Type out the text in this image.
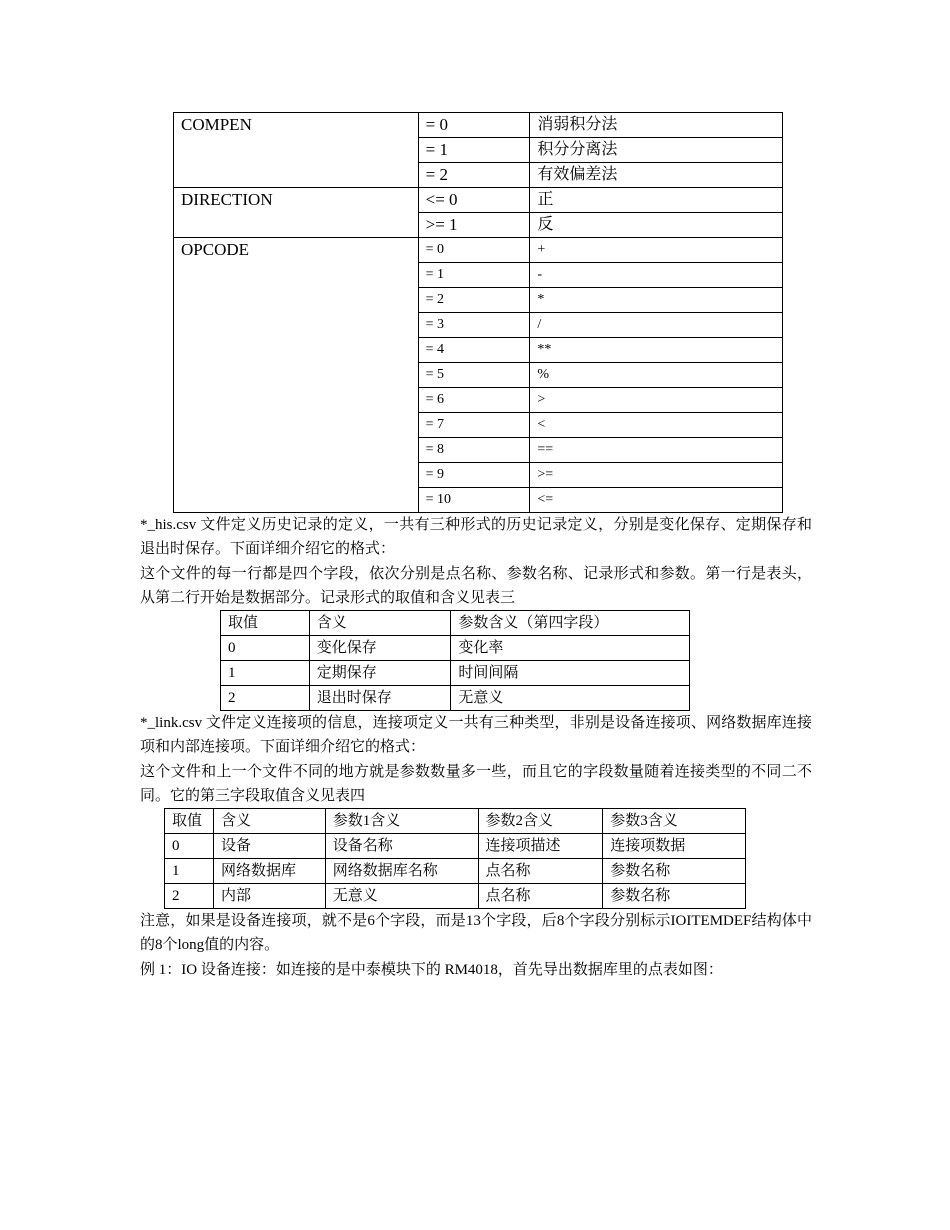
COMPEN	= 0	消弱积分法
	= 1	积分分离法
	= 2	有效偏差法
DIRECTION	<= 0	正
	>= 1	反
OPCODE	= 0	+
	= 1	-
	= 2	*
	= 3	/
	= 4	**
	= 5	%
	= 6	>
	= 7	<
	= 8	==
	= 9	>=
	= 10	<=
*_his.csv 文件定义历史记录的定义，一共有三种形式的历史记录定义，分别是变化保存、定期保存和退出时保存。下面详细介绍它的格式：
这个文件的每一行都是四个字段，依次分别是点名称、参数名称、记录形式和参数。第一行是表头，从第二行开始是数据部分。记录形式的取值和含义见表三
取值	含义	参数含义（第四字段）
0	变化保存	变化率
1	定期保存	时间间隔
2	退出时保存	无意义
*_link.csv 文件定义连接项的信息，连接项定义一共有三种类型，非别是设备连接项、网络数据库连接项和内部连接项。下面详细介绍它的格式：
这个文件和上一个文件不同的地方就是参数数量多一些，而且它的字段数量随着连接类型的不同二不同。它的第三字段取值含义见表四
取值	含义	参数1含义	参数2含义	参数3含义
0	设备	设备名称	连接项描述	连接项数据
1	网络数据库	网络数据库名称	点名称	参数名称
2	内部	无意义	点名称	参数名称
注意，如果是设备连接项，就不是6个字段，而是13个字段，后8个字段分别标示IOITEMDEF结构体中的8个long值的内容。
例 1：IO 设备连接：如连接的是中泰模块下的 RM4018，首先导出数据库里的点表如图：
